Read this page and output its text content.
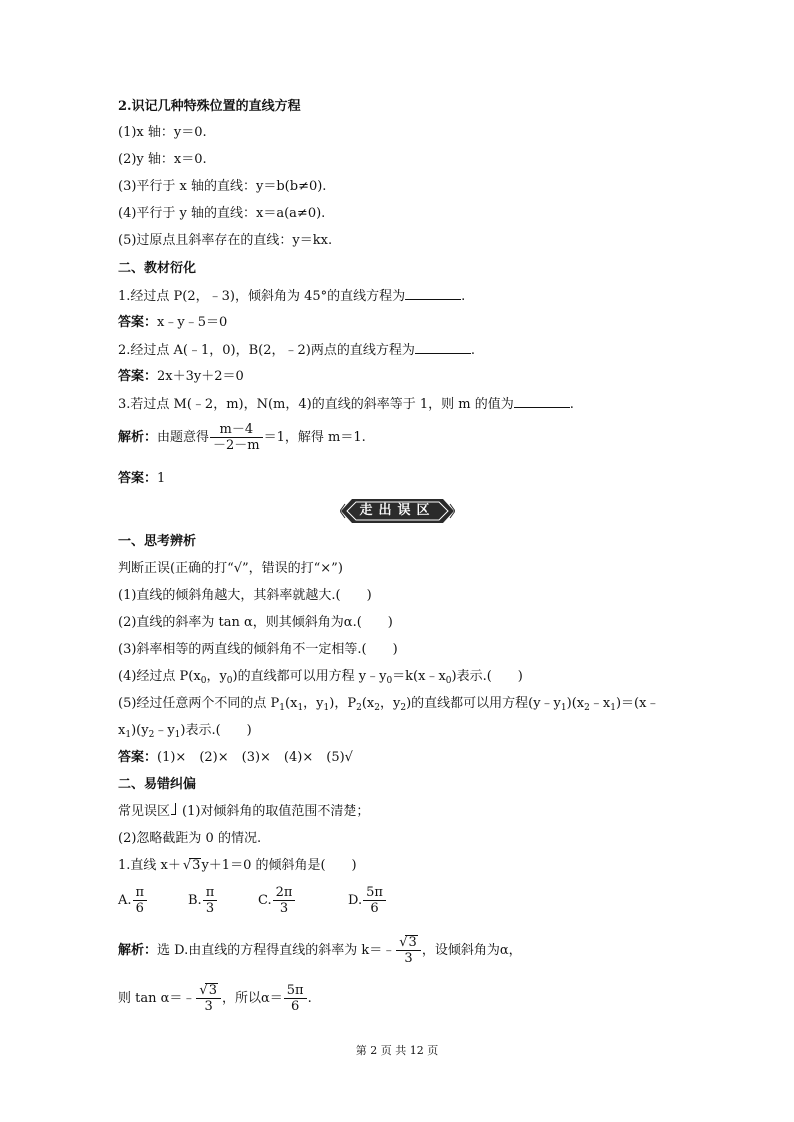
2.识记几种特殊位置的直线方程
(1)x 轴：y＝0.
(2)y 轴：x＝0.
(3)平行于 x 轴的直线：y＝b(b≠0).
(4)平行于 y 轴的直线：x＝a(a≠0).
(5)过原点且斜率存在的直线：y＝kx.
二、教材衍化
1.经过点 P(2，﹣3)，倾斜角为 45°的直线方程为	.
答案：x﹣y﹣5＝0
2.经过点 A(﹣1，0)，B(2，﹣2)两点的直线方程为	.
答案：2x＋3y＋2＝0
3.若过点 M(﹣2，m)，N(m，4)的直线的斜率等于 1，则 m 的值为	.
解析：由题意得 $\frac{m-4}{-2-m} =1$，解得 m＝1.
答案：1
走出误区
一、思考辨析
判断正误(正确的打“√”，错误的打“×”)
(1)直线的倾斜角越大，其斜率就越大.(　　)
(2)直线的斜率为 tan α，则其倾斜角为α.(　　)
(3)斜率相等的两直线的倾斜角不一定相等.(　　)
(4)经过点 $P(x_0$，$y_0$)的直线都可以用方程 $y﹣y_0=k(x﹣x_0)$表示.(　　)
(5)经过任意两个不同的点 $P_1(x_1$，$y_1$)，$P_2(x_2$，$y_2$)的直线都可以用方程$(y﹣y_1)(x_2﹣x_1)=(x﹣$
$x_1)(y_2﹣y_1)$表示.(　　)
答案：(1)×　(2)×　(3)×　(4)×　(5)√
二、易错纠偏
常见误区 (1)对倾斜角的取值范围不清楚；
(2)忽略截距为 0 的情况.
1.直线 x＋ √ 3y＋1＝0 的倾斜角是(　　)
A. $\frac{\pi}{6}$	B. $\frac{\pi}{3}$	C. $\frac{2\pi}{3}$	D. $\frac{5\pi}{6}$
解析：选 D.由直线的方程得直线的斜率为 k＝﹣ √ $\frac{3}{3}$ ，设倾斜角为α，
则 tan α＝﹣ √ $\frac{3}{3}$ ，所以$\alpha= \frac{5\pi}{6}$ .
第 2 页 共 12 页
